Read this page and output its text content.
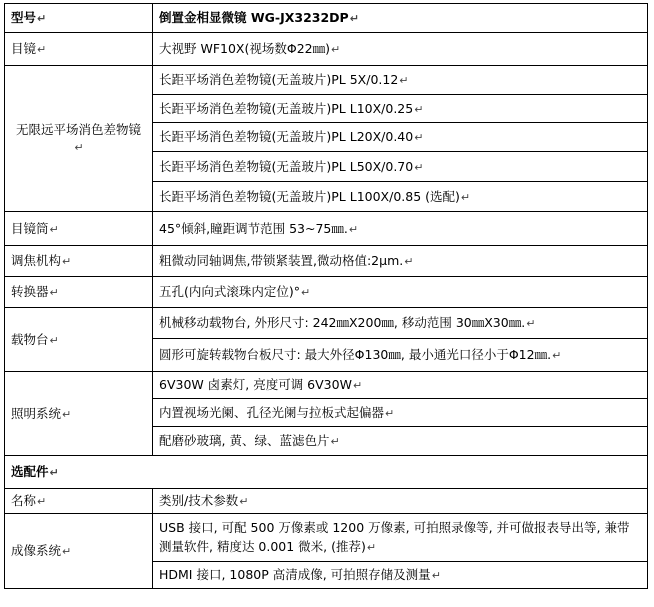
型号↵	倒置金相显微镜 WG-JX3232DP↵
目镜↵	大视野 WF10X(视场数Φ22㎜)↵
无限远平场消色差物镜↵	长距平场消色差物镜(无盖玻片)PL 5X/0.12↵
	长距平场消色差物镜(无盖玻片)PL L10X/0.25↵
	长距平场消色差物镜(无盖玻片)PL L20X/0.40↵
	长距平场消色差物镜(无盖玻片)PL L50X/0.70↵
	长距平场消色差物镜(无盖玻片)PL L100X/0.85 (选配)↵
目镜筒↵	45°倾斜,瞳距调节范围 53~75㎜.↵
调焦机构↵	粗微动同轴调焦,带锁紧装置,微动格值:2μm.↵
转换器↵	五孔(内向式滚珠内定位)°↵
载物台↵	机械移动载物台, 外形尺寸: 242㎜X200㎜, 移动范围 30㎜X30㎜.↵
	圆形可旋转载物台板尺寸: 最大外径Φ130㎜, 最小通光口径小于Φ12㎜.↵
照明系统↵	6V30W 卤素灯, 亮度可调 6V30W↵
	内置视场光阑、孔径光阑与拉板式起偏器↵
	配磨砂玻璃, 黄、绿、蓝滤色片↵
选配件↵	
名称↵	类别/技术参数↵
成像系统↵	USB 接口, 可配 500 万像素或 1200 万像素, 可拍照录像等, 并可做报表导出等, 兼带测量软件, 精度达 0.001 微米, (推荐)↵
	HDMI 接口, 1080P 高清成像, 可拍照存储及测量↵
